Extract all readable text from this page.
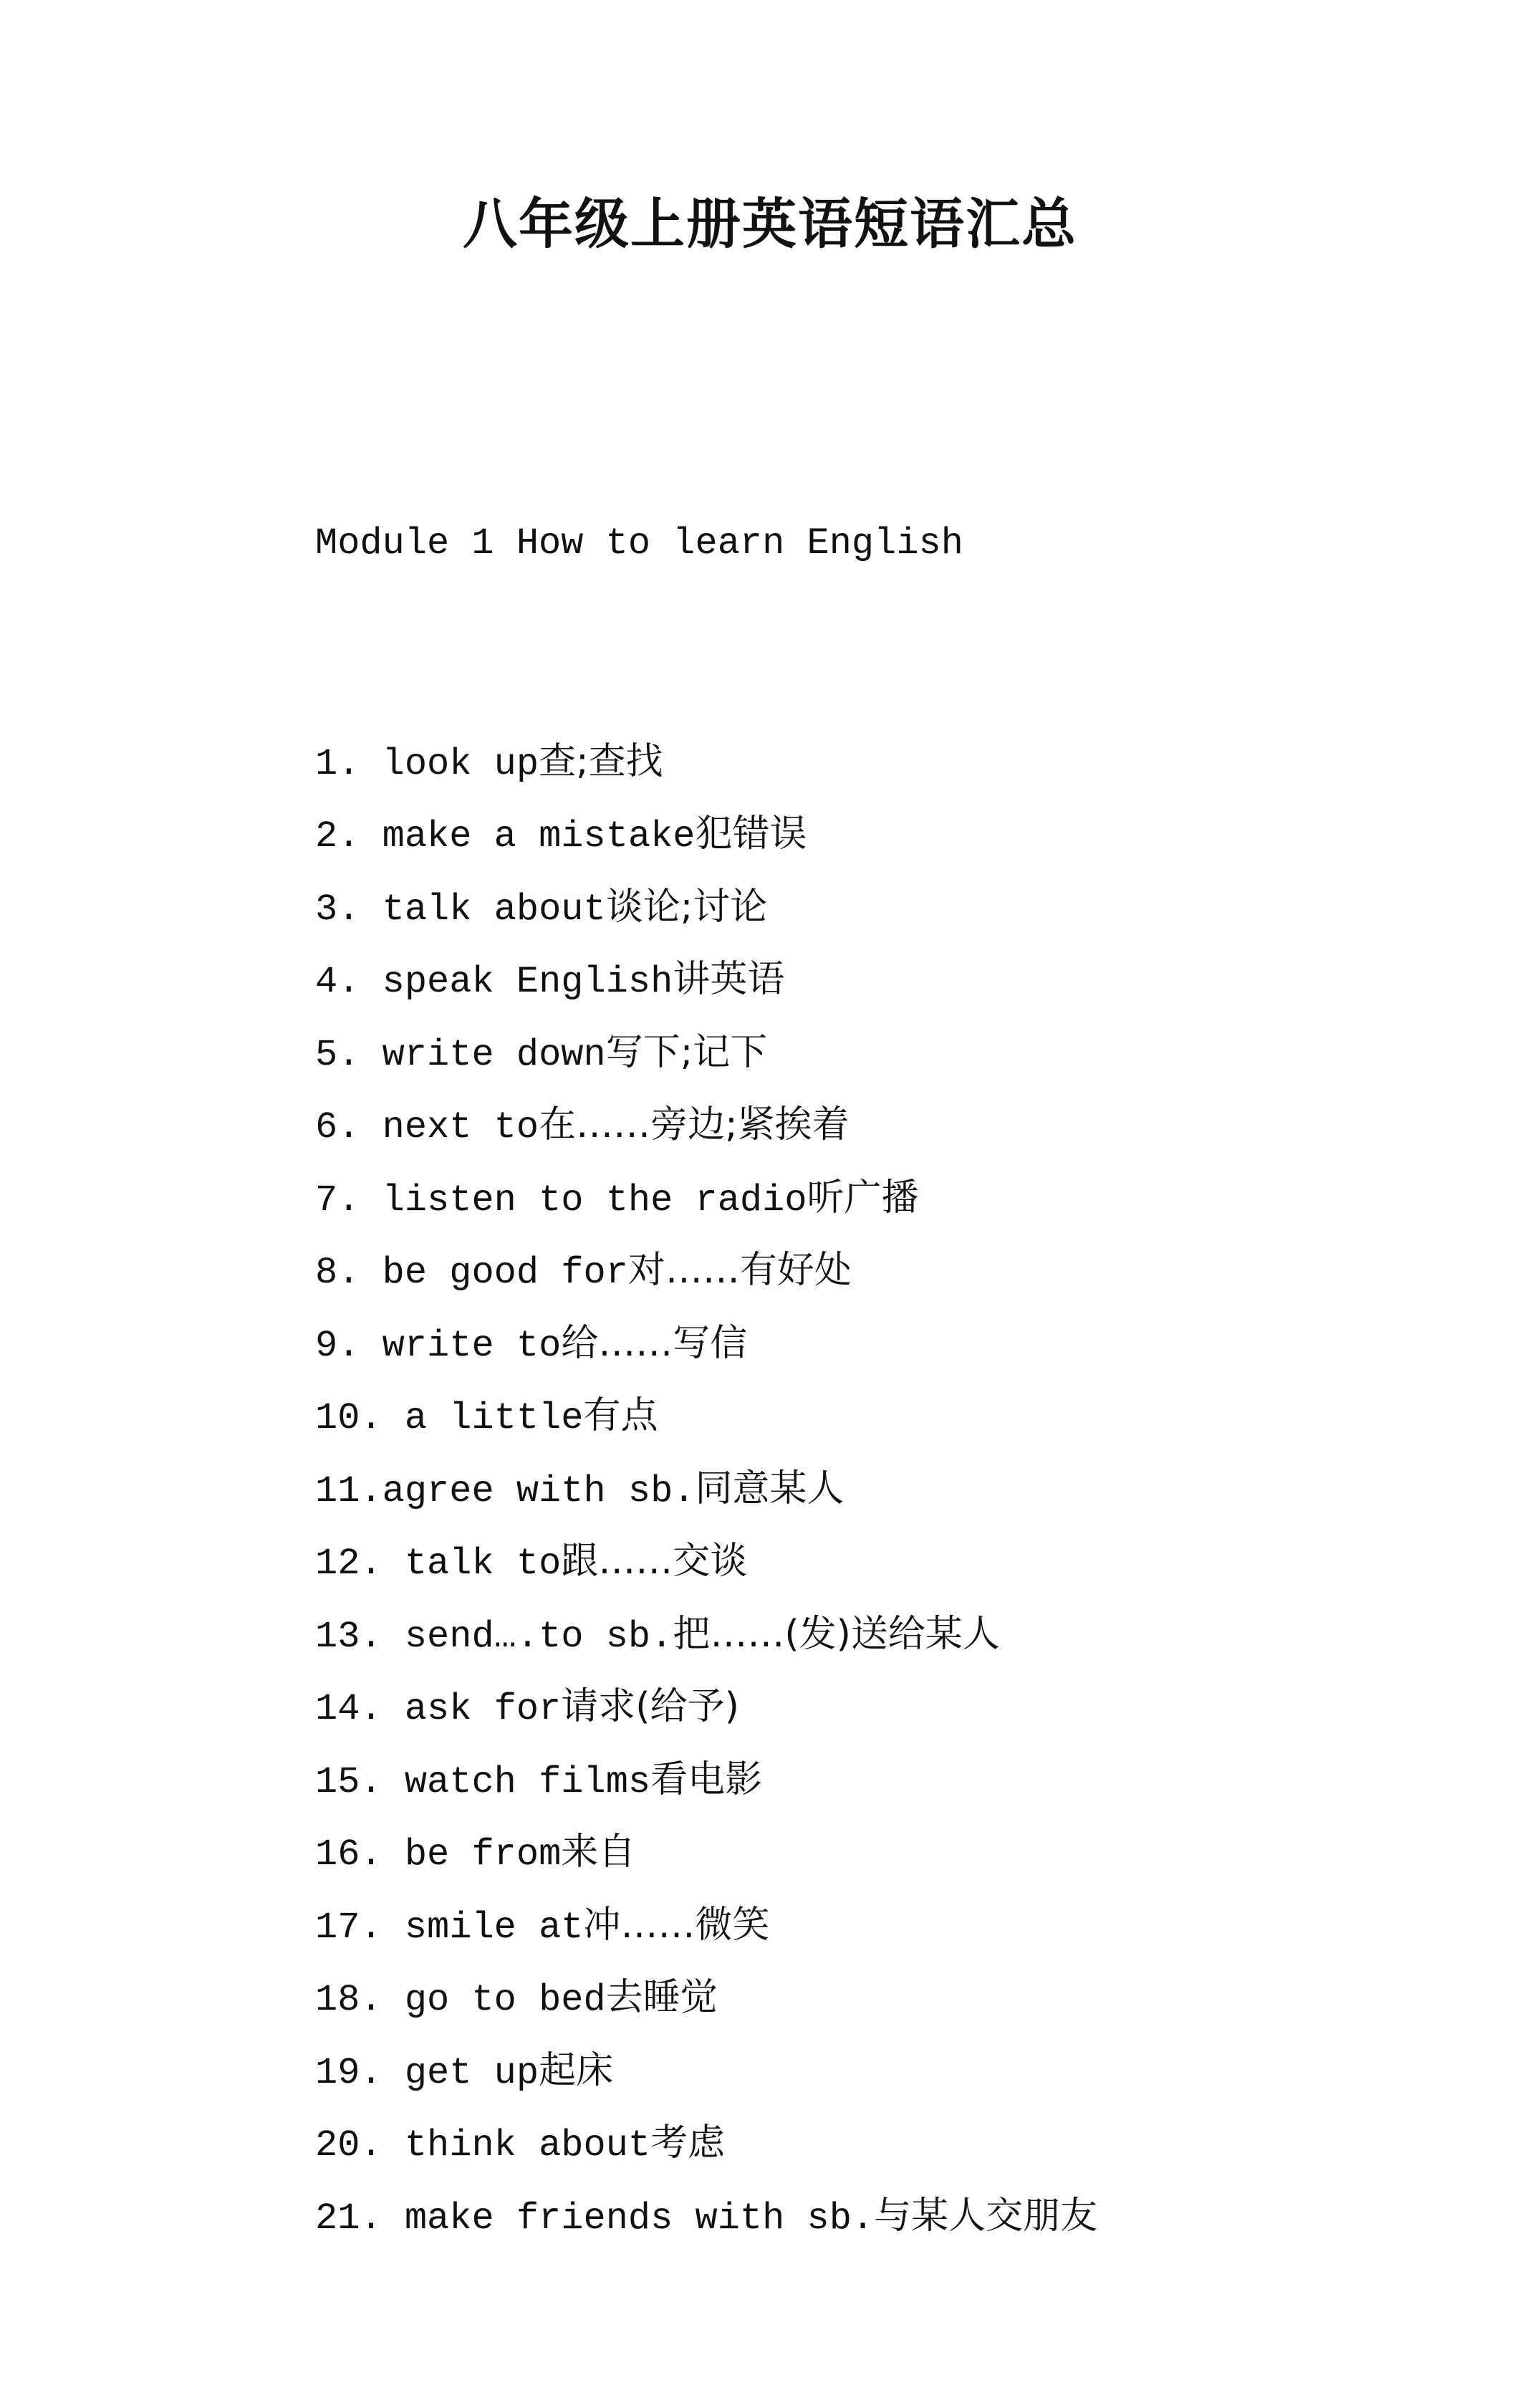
八年级上册英语短语汇总

Module 1 How to learn English

1. look up查;查找
2. make a mistake犯错误
3. talk about谈论;讨论
4. speak English讲英语
5. write down写下;记下
6. next to在……旁边;紧挨着
7. listen to the radio听广播
8. be good for对……有好处
9. write to给……写信
10. a little有点
11.agree with sb.同意某人
12. talk to跟……交谈
13. send….to sb.把……(发)送给某人
14. ask for请求(给予)
15. watch films看电影
16. be from来自
17. smile at冲……微笑
18. go to bed去睡觉
19. get up起床
20. think about考虑
21. make friends with sb.与某人交朋友
